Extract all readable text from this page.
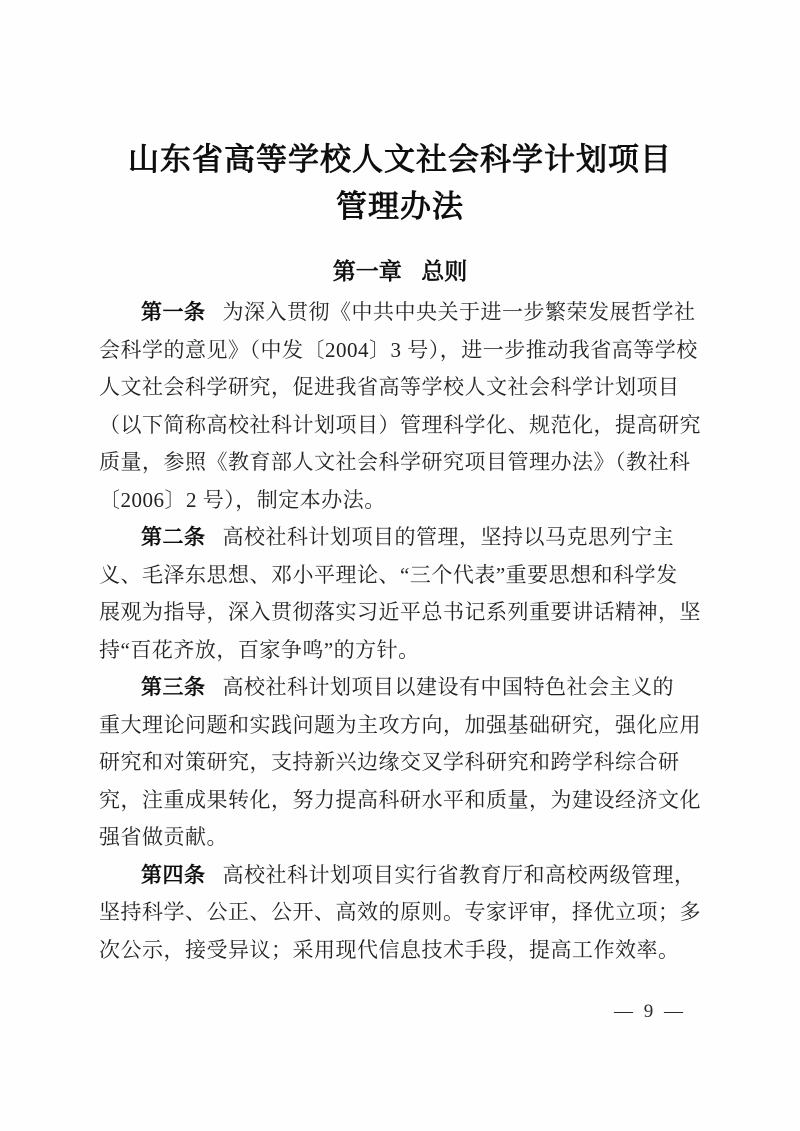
山东省高等学校人文社会科学计划项目
管理办法
第一章 总则

第一条 为深入贯彻《中共中央关于进一步繁荣发展哲学社
会科学的意见》（中发〔2004〕3 号），进一步推动我省高等学校
人文社会科学研究，促进我省高等学校人文社会科学计划项目
（以下简称高校社科计划项目）管理科学化、规范化，提高研究
质量，参照《教育部人文社会科学研究项目管理办法》（教社科
〔2006〕2 号），制定本办法。

第二条 高校社科计划项目的管理，坚持以马克思列宁主
义、毛泽东思想、邓小平理论、“三个代表”重要思想和科学发
展观为指导，深入贯彻落实习近平总书记系列重要讲话精神，坚
持“百花齐放，百家争鸣”的方针。

第三条 高校社科计划项目以建设有中国特色社会主义的
重大理论问题和实践问题为主攻方向，加强基础研究，强化应用
研究和对策研究，支持新兴边缘交叉学科研究和跨学科综合研
究，注重成果转化，努力提高科研水平和质量，为建设经济文化
强省做贡献。

第四条 高校社科计划项目实行省教育厅和高校两级管理，
坚持科学、公正、公开、高效的原则。专家评审，择优立项；多
次公示，接受异议；采用现代信息技术手段，提高工作效率。

— 9 —
